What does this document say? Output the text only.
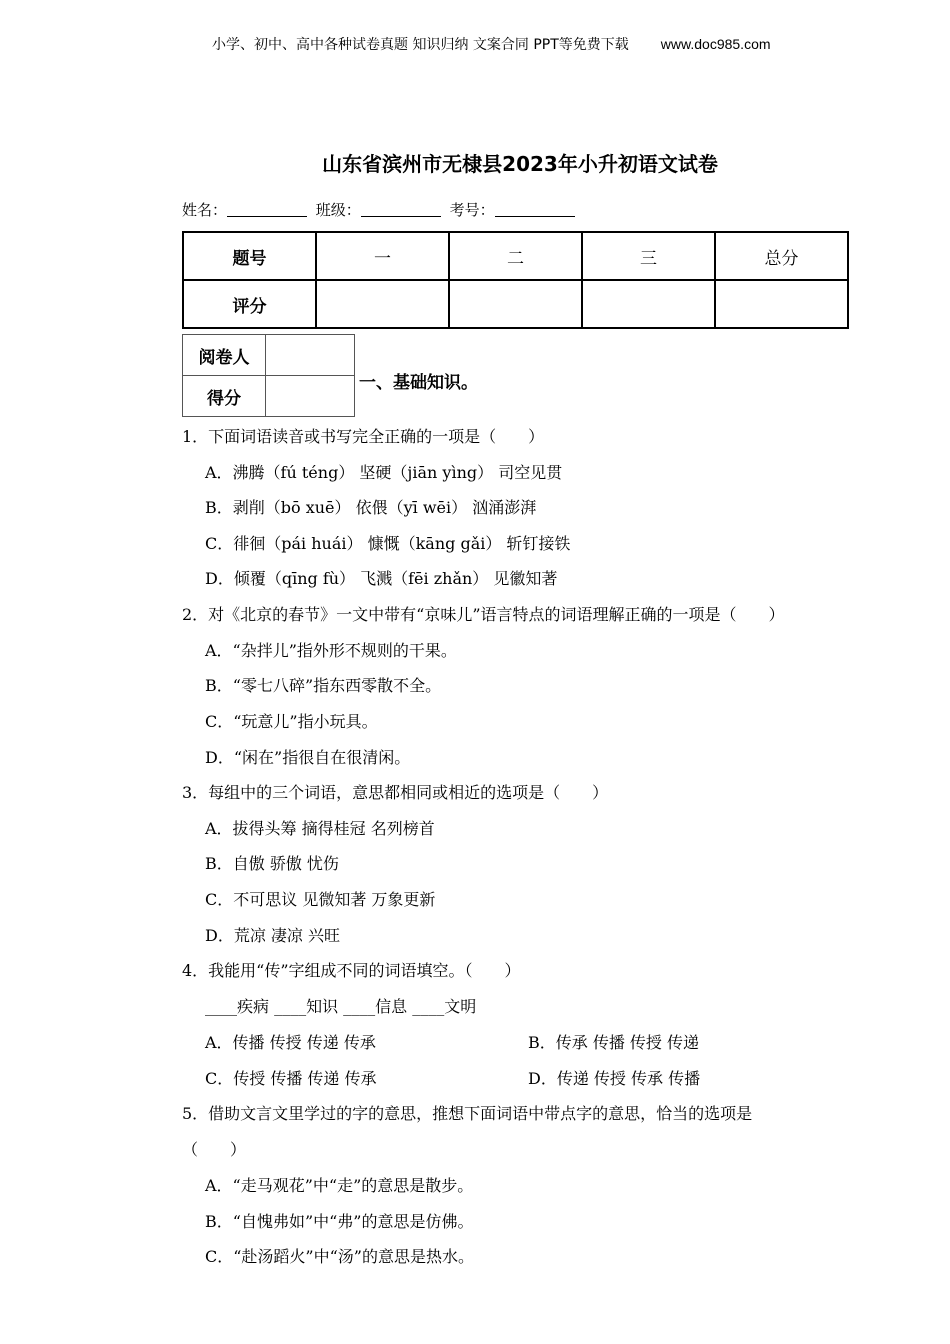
小学、初中、高中各种试卷真题 知识归纳 文案合同 PPT等免费下载 www.doc985.com
山东省滨州市无棣县2023年小升初语文试卷
姓名：	班级：	考号：
题号	一	二	三	总分
评分				
阅卷人	
得分	
一、基础知识。
1．下面词语读音或书写完全正确的一项是（　　）
A．沸腾（fú téng） 坚硬（jiān yìng） 司空见贯
B．剥削（bō xuē） 依偎（yī wēi） 汹涌澎湃
C．徘徊（pái huái） 慷慨（kāng gǎi） 斩钉接铁
D．倾覆（qīng fù） 飞溅（fēi zhǎn） 见徽知著
2．对《北京的春节》一文中带有“京味儿”语言特点的词语理解正确的一项是（　　）
A．“杂拌儿”指外形不规则的干果。
B．“零七八碎”指东西零散不全。
C．“玩意儿”指小玩具。
D．“闲在”指很自在很清闲。
3．每组中的三个词语，意思都相同或相近的选项是（　　）
A．拔得头筹 摘得桂冠 名列榜首
B．自傲 骄傲 忧伤
C．不可思议 见微知著 万象更新
D．荒凉 凄凉 兴旺
4．我能用“传”字组成不同的词语填空。（　　）
____疾病 ____知识 ____信息 ____文明
A．传播 传授 传递 传承	B．传承 传播 传授 传递
C．传授 传播 传递 传承	D．传递 传授 传承 传播
5．借助文言文里学过的字的意思，推想下面词语中带点字的意思，恰当的选项是
（　　）
A．“走马观花”中“走”的意思是散步。
B．“自愧弗如”中“弗”的意思是仿佛。
C．“赴汤蹈火”中“汤”的意思是热水。
